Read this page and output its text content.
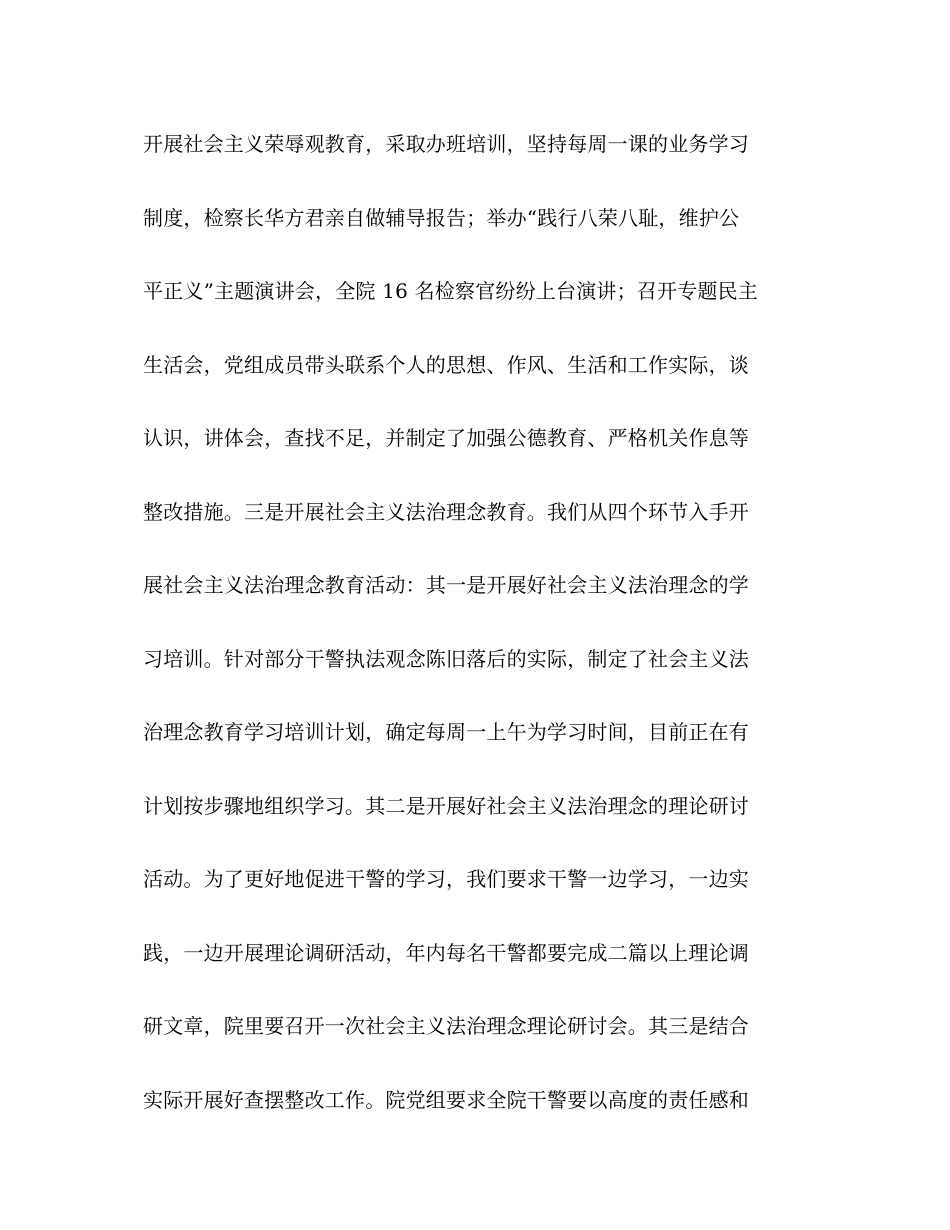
开展社会主义荣辱观教育，采取办班培训，坚持每周一课的业务学习
制度，检察长华方君亲自做辅导报告；举办“践行八荣八耻，维护公
平正义”主题演讲会，全院 16 名检察官纷纷上台演讲；召开专题民主
生活会，党组成员带头联系个人的思想、作风、生活和工作实际，谈
认识，讲体会，查找不足，并制定了加强公德教育、严格机关作息等
整改措施。三是开展社会主义法治理念教育。我们从四个环节入手开
展社会主义法治理念教育活动：其一是开展好社会主义法治理念的学
习培训。针对部分干警执法观念陈旧落后的实际，制定了社会主义法
治理念教育学习培训计划，确定每周一上午为学习时间，目前正在有
计划按步骤地组织学习。其二是开展好社会主义法治理念的理论研讨
活动。为了更好地促进干警的学习，我们要求干警一边学习，一边实
践，一边开展理论调研活动，年内每名干警都要完成二篇以上理论调
研文章，院里要召开一次社会主义法治理念理论研讨会。其三是结合
实际开展好查摆整改工作。院党组要求全院干警要以高度的责任感和
